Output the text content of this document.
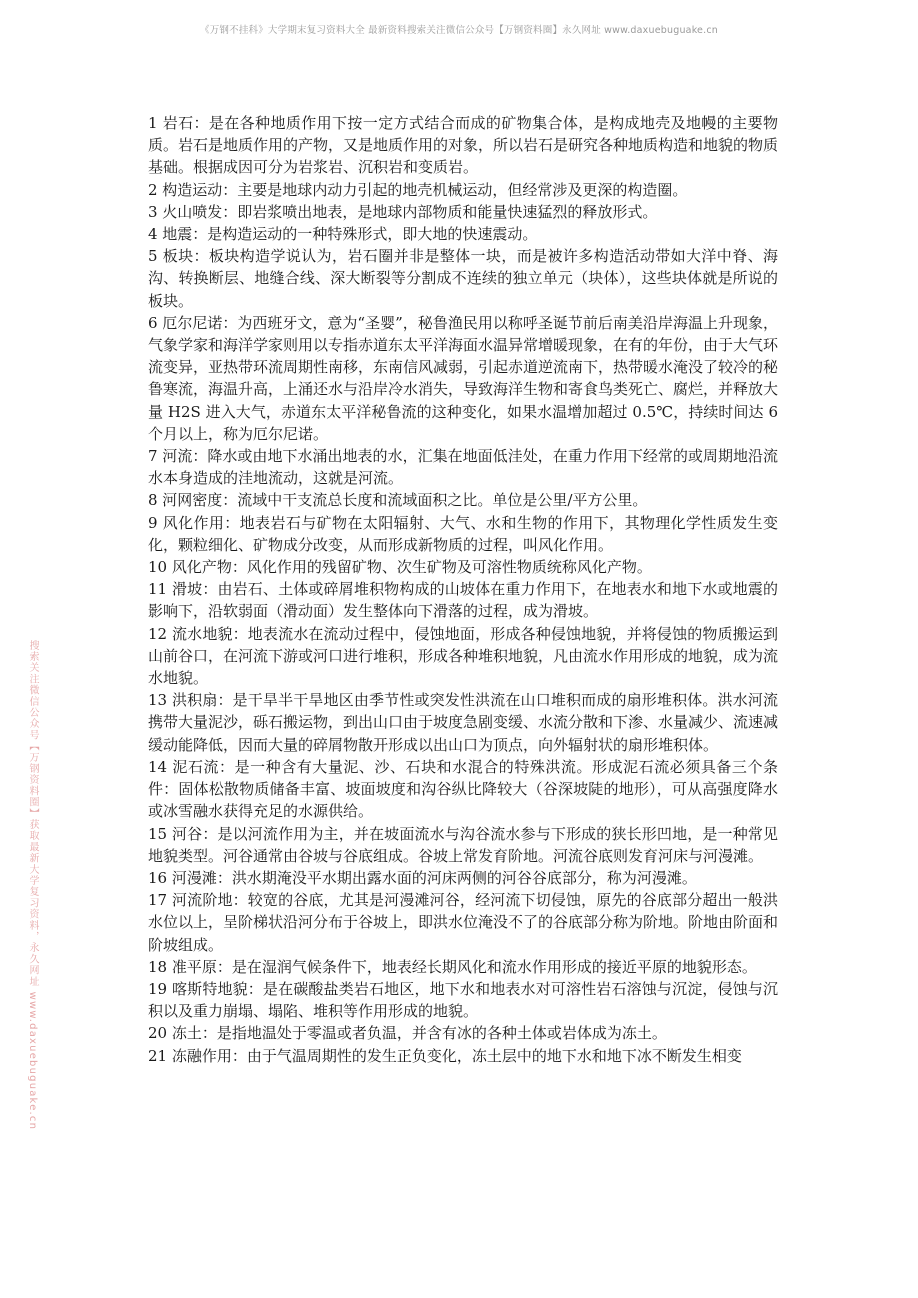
《万钢不挂科》大学期末复习资料大全 最新资料搜索关注微信公众号【万钢资料圈】永久网址 www.daxuebuguake.cn
搜索关注微信公众号【万钢资料圈】获取最新大学复习资料，永久网址 www.daxuebuguake.cn

1 岩石：是在各种地质作用下按一定方式结合而成的矿物集合体，是构成地壳及地幔的主要物质。岩石是地质作用的产物，又是地质作用的对象，所以岩石是研究各种地质构造和地貌的物质基础。根据成因可分为岩浆岩、沉积岩和变质岩。

2 构造运动：主要是地球内动力引起的地壳机械运动，但经常涉及更深的构造圈。

3 火山喷发：即岩浆喷出地表，是地球内部物质和能量快速猛烈的释放形式。

4 地震：是构造运动的一种特殊形式，即大地的快速震动。

5 板块：板块构造学说认为，岩石圈并非是整体一块，而是被许多构造活动带如大洋中脊、海沟、转换断层、地缝合线、深大断裂等分割成不连续的独立单元（块体），这些块体就是所说的板块。

6 厄尔尼诺：为西班牙文，意为“圣婴”，秘鲁渔民用以称呼圣诞节前后南美沿岸海温上升现象，气象学家和海洋学家则用以专指赤道东太平洋海面水温异常增暖现象，在有的年份，由于大气环流变异，亚热带环流周期性南移，东南信风减弱，引起赤道逆流南下，热带暖水淹没了较冷的秘鲁寒流，海温升高，上涌还水与沿岸冷水消失，导致海洋生物和寄食鸟类死亡、腐烂，并释放大量 H2S 进入大气，赤道东太平洋秘鲁流的这种变化，如果水温增加超过 0.5℃，持续时间达 6 个月以上，称为厄尔尼诺。

7 河流：降水或由地下水涌出地表的水，汇集在地面低洼处，在重力作用下经常的或周期地沿流水本身造成的洼地流动，这就是河流。

8 河网密度：流域中干支流总长度和流域面积之比。单位是公里/平方公里。

9 风化作用：地表岩石与矿物在太阳辐射、大气、水和生物的作用下，其物理化学性质发生变化，颗粒细化、矿物成分改变，从而形成新物质的过程，叫风化作用。

10 风化产物：风化作用的残留矿物、次生矿物及可溶性物质统称风化产物。

11 滑坡：由岩石、土体或碎屑堆积物构成的山坡体在重力作用下，在地表水和地下水或地震的影响下，沿软弱面（滑动面）发生整体向下滑落的过程，成为滑坡。

12 流水地貌：地表流水在流动过程中，侵蚀地面，形成各种侵蚀地貌，并将侵蚀的物质搬运到山前谷口，在河流下游或河口进行堆积，形成各种堆积地貌，凡由流水作用形成的地貌，成为流水地貌。

13 洪积扇：是干旱半干旱地区由季节性或突发性洪流在山口堆积而成的扇形堆积体。洪水河流携带大量泥沙，砾石搬运物，到出山口由于坡度急剧变缓、水流分散和下渗、水量减少、流速减缓动能降低，因而大量的碎屑物散开形成以出山口为顶点，向外辐射状的扇形堆积体。

14 泥石流：是一种含有大量泥、沙、石块和水混合的特殊洪流。形成泥石流必须具备三个条件：固体松散物质储备丰富、坡面坡度和沟谷纵比降较大（谷深坡陡的地形），可从高强度降水或冰雪融水获得充足的水源供给。

15 河谷：是以河流作用为主，并在坡面流水与沟谷流水参与下形成的狭长形凹地，是一种常见地貌类型。河谷通常由谷坡与谷底组成。谷坡上常发育阶地。河流谷底则发育河床与河漫滩。

16 河漫滩：洪水期淹没平水期出露水面的河床两侧的河谷谷底部分，称为河漫滩。

17 河流阶地：较宽的谷底，尤其是河漫滩河谷，经河流下切侵蚀，原先的谷底部分超出一般洪水位以上，呈阶梯状沿河分布于谷坡上，即洪水位淹没不了的谷底部分称为阶地。阶地由阶面和阶坡组成。

18 准平原：是在湿润气候条件下，地表经长期风化和流水作用形成的接近平原的地貌形态。

19 喀斯特地貌：是在碳酸盐类岩石地区，地下水和地表水对可溶性岩石溶蚀与沉淀，侵蚀与沉积以及重力崩塌、塌陷、堆积等作用形成的地貌。

20 冻土：是指地温处于零温或者负温，并含有冰的各种土体或岩体成为冻土。

21 冻融作用：由于气温周期性的发生正负变化，冻土层中的地下水和地下冰不断发生相变
